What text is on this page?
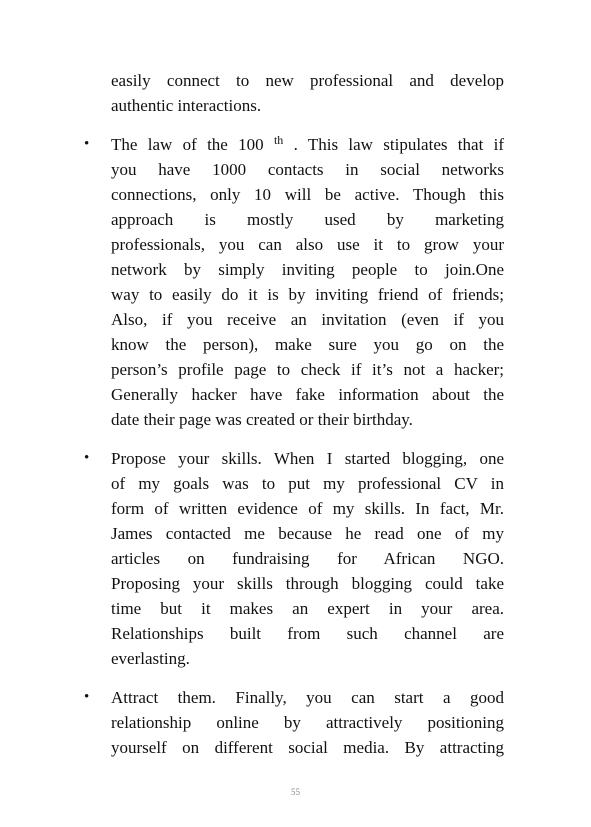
easily connect to new professional and develop
authentic interactions.
• The law of the 100 $^{th}$ . This law stipulates that if
you have 1000 contacts in social networks
connections, only 10 will be active. Though this
approach is mostly used by marketing
professionals, you can also use it to grow your
network by simply inviting people to join.One
way to easily do it is by inviting friend of friends;
Also, if you receive an invitation (even if you
know the person), make sure you go on the
person’s profile page to check if it’s not a hacker;
Generally hacker have fake information about the
date their page was created or their birthday.
• Propose your skills. When I started blogging, one
of my goals was to put my professional CV in
form of written evidence of my skills. In fact, Mr.
James contacted me because he read one of my
articles on fundraising for African NGO.
Proposing your skills through blogging could take
time but it makes an expert in your area.
Relationships built from such channel are
everlasting.
• Attract them. Finally, you can start a good
relationship online by attractively positioning
yourself on different social media. By attracting
55
